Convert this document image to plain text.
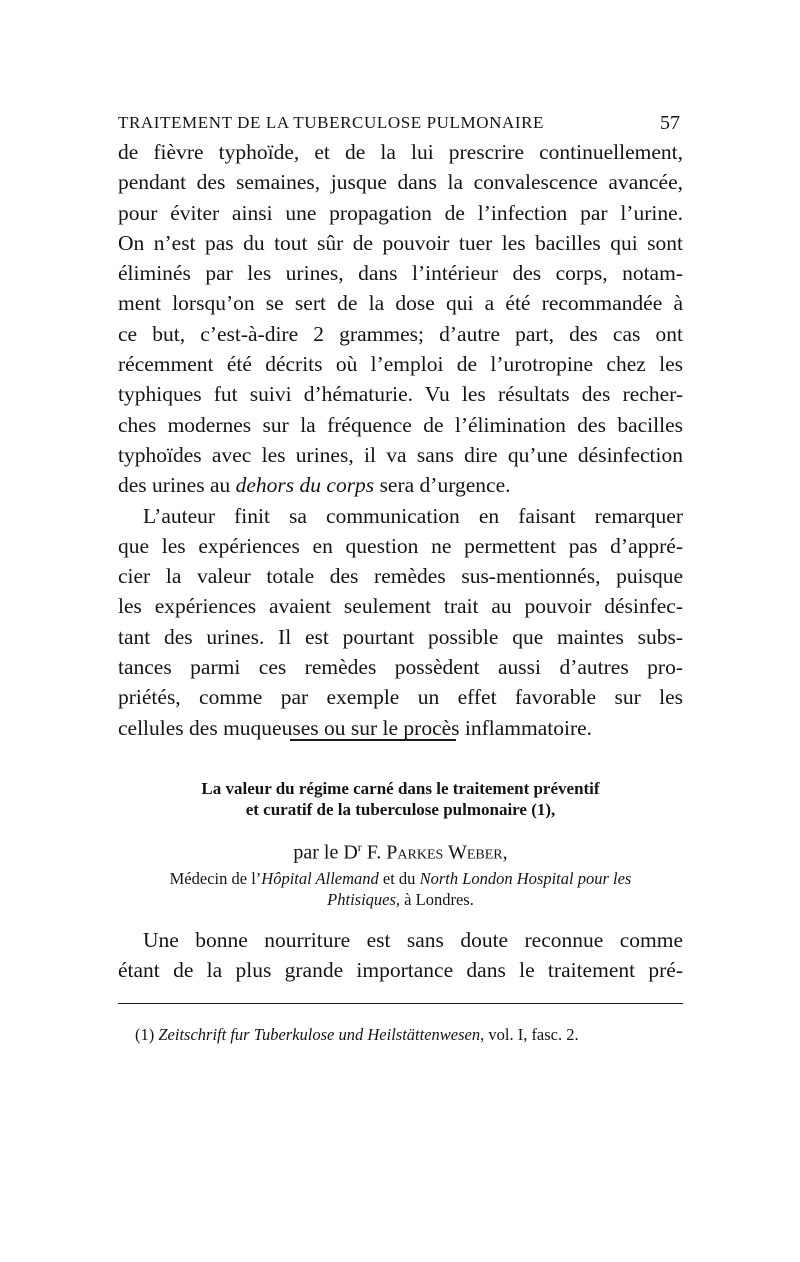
TRAITEMENT DE LA TUBERCULOSE PULMONAIRE	57

de fièvre typhoïde, et de la lui prescrire continuellement,

pendant des semaines, jusque dans la convalescence avancée,

pour éviter ainsi une propagation de l’infection par l’urine.

On n’est pas du tout sûr de pouvoir tuer les bacilles qui sont

éliminés par les urines, dans l’intérieur des corps, notam-

ment lorsqu’on se sert de la dose qui a été recommandée à

ce but, c’est-à-dire 2 grammes; d’autre part, des cas ont

récemment été décrits où l’emploi de l’urotropine chez les

typhiques fut suivi d’hématurie. Vu les résultats des recher-

ches modernes sur la fréquence de l’élimination des bacilles

typhoïdes avec les urines, il va sans dire qu’une désinfection

des urines au dehors du corps sera d’urgence.

L’auteur finit sa communication en faisant remarquer

que les expériences en question ne permettent pas d’appré-

cier la valeur totale des remèdes sus-mentionnés, puisque

les expériences avaient seulement trait au pouvoir désinfec-

tant des urines. Il est pourtant possible que maintes subs-

tances parmi ces remèdes possèdent aussi d’autres pro-

priétés, comme par exemple un effet favorable sur les

cellules des muqueuses ou sur le procès inflammatoire.

La valeur du régime carné dans le traitement préventif
et curatif de la tuberculose pulmonaire (1),
par le $D^r$ F. Parkes Weber,
Médecin de l’Hôpital Allemand et du North London Hospital pour les
Phtisiques, à Londres.

Une bonne nourriture est sans doute reconnue comme

étant de la plus grande importance dans le traitement pré-

(1) Zeitschrift fur Tuberkulose und Heilstättenwesen, vol. I, fasc. 2.
